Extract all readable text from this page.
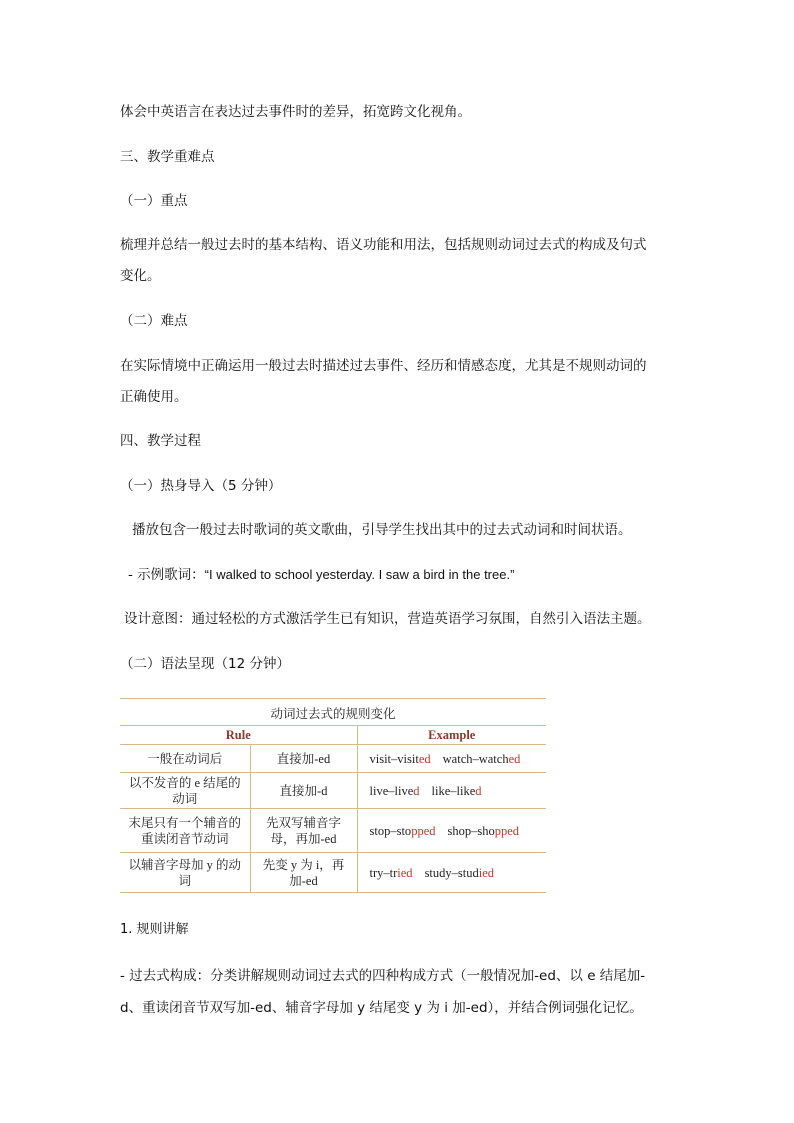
体会中英语言在表达过去事件时的差异，拓宽跨文化视角。
三、教学重难点
（一）重点
梳理并总结一般过去时的基本结构、语义功能和用法，包括规则动词过去式的构成及句式
变化。
（二）难点
在实际情境中正确运用一般过去时描述过去事件、经历和情感态度，尤其是不规则动词的
正确使用。
四、教学过程
（一）热身导入（5 分钟）
播放包含一般过去时歌词的英文歌曲，引导学生找出其中的过去式动词和时间状语。
- 示例歌词：“I walked to school yesterday. I saw a bird in the tree.”
设计意图：通过轻松的方式激活学生已有知识，营造英语学习氛围，自然引入语法主题。
（二）语法呈现（12 分钟）
动词过去式的规则变化
Rule		Example
一般在动词后	直接加-ed	visit–visited watch–watched
以不发音的 e 结尾的动词	直接加-d	live–lived like–liked
末尾只有一个辅音的重读闭音节动词	先双写辅音字母，再加-ed	stop–stopped shop–shopped
以辅音字母加 y 的动词	先变 y 为 i，再加-ed	try–tried study–studied
1. 规则讲解
- 过去式构成：分类讲解规则动词过去式的四种构成方式（一般情况加-ed、以 e 结尾加-
d、重读闭音节双写加-ed、辅音字母加 y 结尾变 y 为 i 加-ed），并结合例词强化记忆。
